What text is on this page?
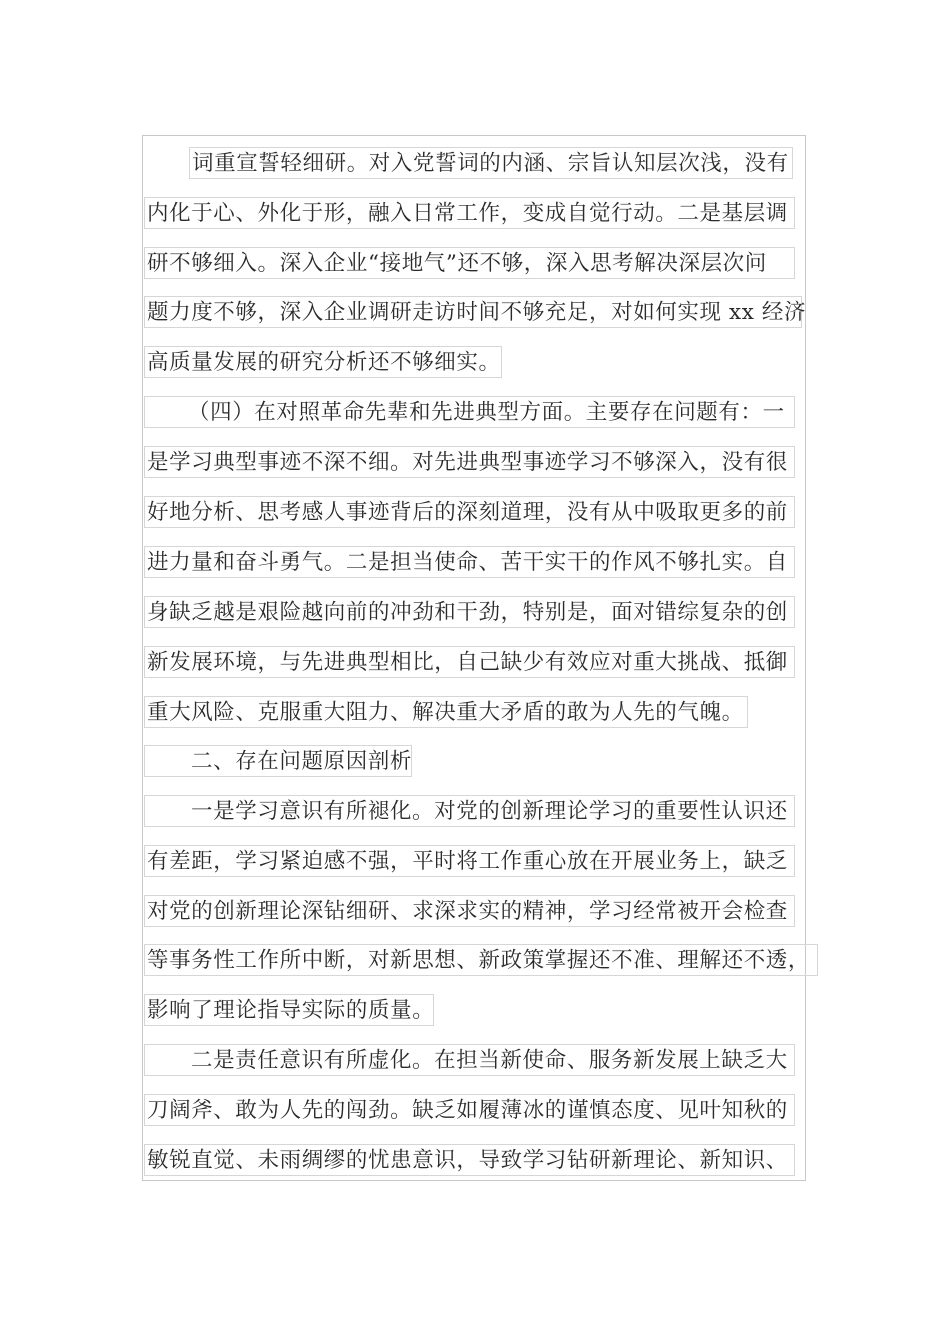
词重宣誓轻细研。对入党誓词的内涵、宗旨认知层次浅，没有
内化于心、外化于形，融入日常工作，变成自觉行动。二是基层调
研不够细入。深入企业“接地气”还不够，深入思考解决深层次问
题力度不够，深入企业调研走访时间不够充足，对如何实现 xx 经济
高质量发展的研究分析还不够细实。
（四）在对照革命先辈和先进典型方面。主要存在问题有：一
是学习典型事迹不深不细。对先进典型事迹学习不够深入，没有很
好地分析、思考感人事迹背后的深刻道理，没有从中吸取更多的前
进力量和奋斗勇气。二是担当使命、苦干实干的作风不够扎实。自
身缺乏越是艰险越向前的冲劲和干劲，特别是，面对错综复杂的创
新发展环境，与先进典型相比，自己缺少有效应对重大挑战、抵御
重大风险、克服重大阻力、解决重大矛盾的敢为人先的气魄。
二、存在问题原因剖析
一是学习意识有所褪化。对党的创新理论学习的重要性认识还
有差距，学习紧迫感不强，平时将工作重心放在开展业务上，缺乏
对党的创新理论深钻细研、求深求实的精神，学习经常被开会检查
等事务性工作所中断，对新思想、新政策掌握还不准、理解还不透，
影响了理论指导实际的质量。
二是责任意识有所虚化。在担当新使命、服务新发展上缺乏大
刀阔斧、敢为人先的闯劲。缺乏如履薄冰的谨慎态度、见叶知秋的
敏锐直觉、未雨绸缪的忧患意识，导致学习钻研新理论、新知识、
